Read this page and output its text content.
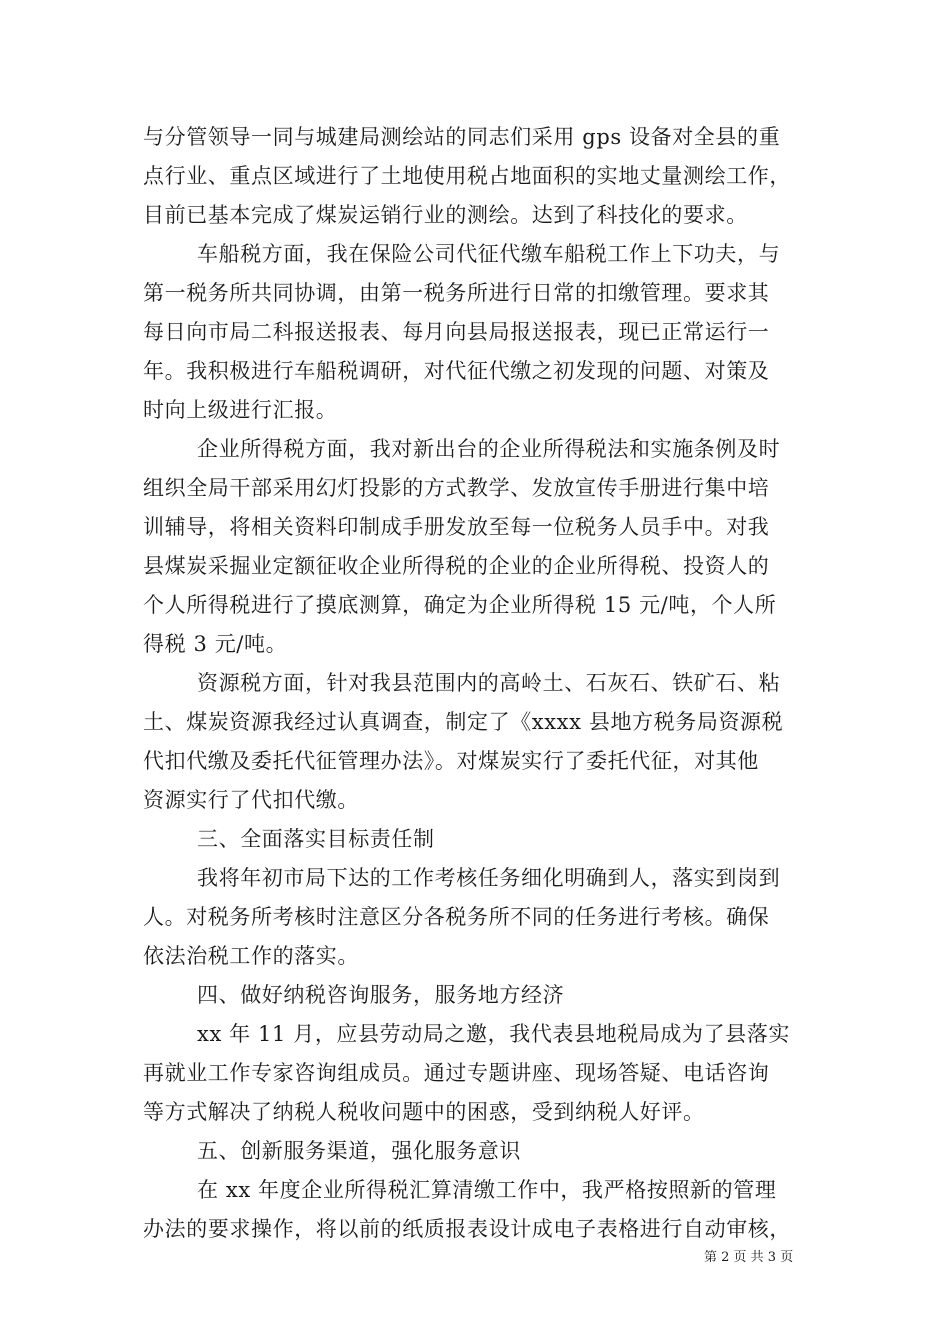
与分管领导一同与城建局测绘站的同志们采用 gps 设备对全县的重
点行业、重点区域进行了土地使用税占地面积的实地丈量测绘工作，
目前已基本完成了煤炭运销行业的测绘。达到了科技化的要求。
车船税方面，我在保险公司代征代缴车船税工作上下功夫，与
第一税务所共同协调，由第一税务所进行日常的扣缴管理。要求其
每日向市局二科报送报表、每月向县局报送报表，现已正常运行一
年。我积极进行车船税调研，对代征代缴之初发现的问题、对策及
时向上级进行汇报。
企业所得税方面，我对新出台的企业所得税法和实施条例及时
组织全局干部采用幻灯投影的方式教学、发放宣传手册进行集中培
训辅导，将相关资料印制成手册发放至每一位税务人员手中。对我
县煤炭采掘业定额征收企业所得税的企业的企业所得税、投资人的
个人所得税进行了摸底测算，确定为企业所得税 15 元/吨，个人所
得税 3 元/吨。
资源税方面，针对我县范围内的高岭土、石灰石、铁矿石、粘
土、煤炭资源我经过认真调查，制定了《xxxx 县地方税务局资源税
代扣代缴及委托代征管理办法》。对煤炭实行了委托代征，对其他
资源实行了代扣代缴。
三、全面落实目标责任制
我将年初市局下达的工作考核任务细化明确到人，落实到岗到
人。对税务所考核时注意区分各税务所不同的任务进行考核。确保
依法治税工作的落实。
四、做好纳税咨询服务，服务地方经济
xx 年 11 月，应县劳动局之邀，我代表县地税局成为了县落实
再就业工作专家咨询组成员。通过专题讲座、现场答疑、电话咨询
等方式解决了纳税人税收问题中的困惑，受到纳税人好评。
五、创新服务渠道，强化服务意识
在 xx 年度企业所得税汇算清缴工作中，我严格按照新的管理
办法的要求操作，将以前的纸质报表设计成电子表格进行自动审核，
第 2 页 共 3 页
